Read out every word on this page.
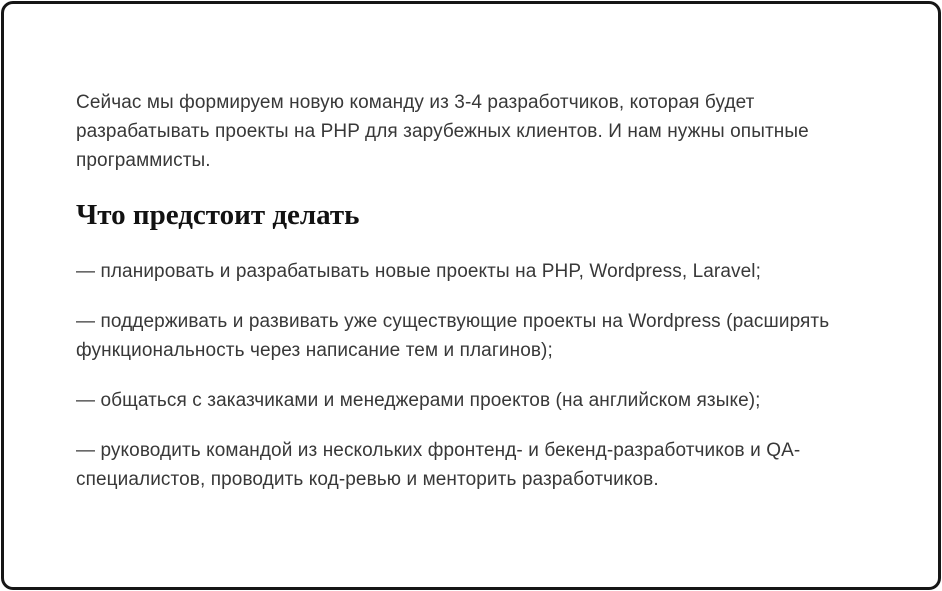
Сейчас мы формируем новую команду из 3-4 разработчиков, которая будет разрабатывать проекты на PHP для зарубежных клиентов. И нам нужны опытные программисты.

Что предстоит делать

— планировать и разрабатывать новые проекты на PHP, Wordpress, Laravel;

— поддерживать и развивать уже существующие проекты на Wordpress (расширять функциональность через написание тем и плагинов);

— общаться с заказчиками и менеджерами проектов (на английском языке);

— руководить командой из нескольких фронтенд- и бекенд-разработчиков и QA-специалистов, проводить код-ревью и менторить разработчиков.
